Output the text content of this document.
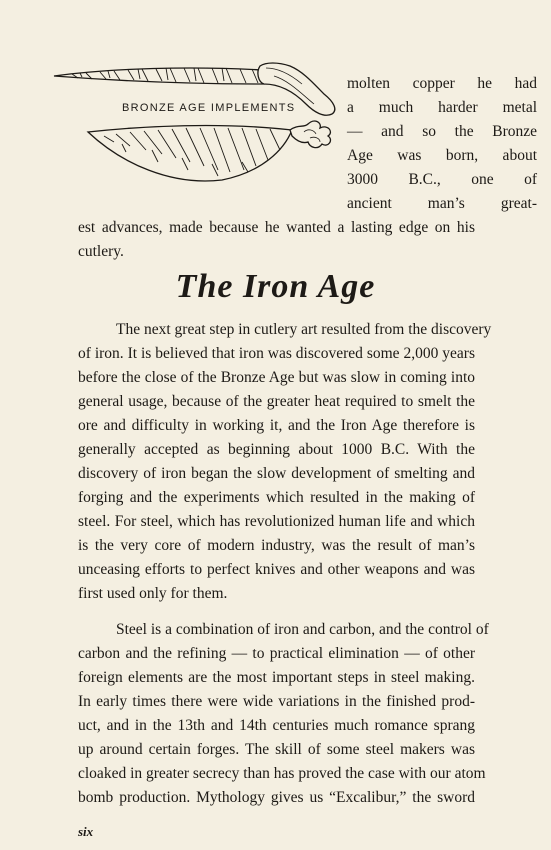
BRONZE AGE IMPLEMENTS
molten copper he had
a much harder metal
— and so the Bronze
Age was born, about
3000 B.C., one of
ancient man’s great-
est advances, made because he wanted a lasting edge on his
cutlery.
The Iron Age
The next great step in cutlery art resulted from the discovery
of iron. It is believed that iron was discovered some 2,000 years
before the close of the Bronze Age but was slow in coming into
general usage, because of the greater heat required to smelt the
ore and difficulty in working it, and the Iron Age therefore is
generally accepted as beginning about 1000 B.C. With the
discovery of iron began the slow development of smelting and
forging and the experiments which resulted in the making of
steel. For steel, which has revolutionized human life and which
is the very core of modern industry, was the result of man’s
unceasing efforts to perfect knives and other weapons and was
first used only for them.
Steel is a combination of iron and carbon, and the control of
carbon and the refining — to practical elimination — of other
foreign elements are the most important steps in steel making.
In early times there were wide variations in the finished prod-
uct, and in the 13th and 14th centuries much romance sprang
up around certain forges. The skill of some steel makers was
cloaked in greater secrecy than has proved the case with our atom
bomb production. Mythology gives us “Excalibur,” the sword
six
